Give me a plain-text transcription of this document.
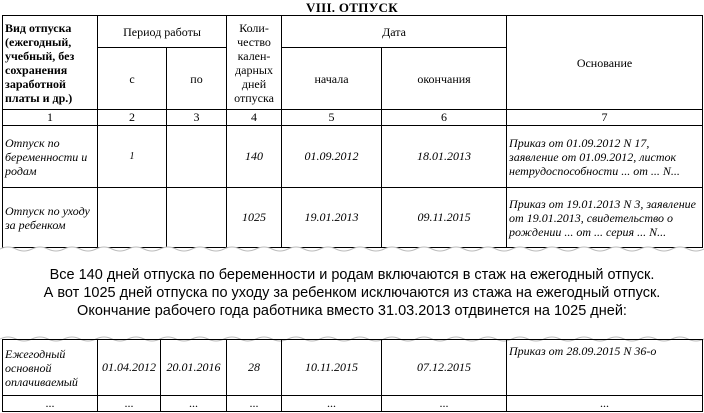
VIII. ОТПУСК
Вид отпуска (ежегодный, учебный, без сохранения заработной платы и др.)	Период работы		Коли-чество кален-дарных дней отпуска	Дата		Основание
	с	по		начала	окончания	
1	2	3	4	5	6	7
Отпуск по беременности и родам	1		140	01.09.2012	18.01.2013	Приказ от 01.09.2012 N 17, заявление от 01.09.2012, листок нетрудоспособности ... от ... N...
Отпуск по уходу за ребенком			1025	19.01.2013	09.11.2015	Приказ от 19.01.2013 N 3, заявление от 19.01.2013, свидетельство о рождении ... от ... серия ... N...
Все 140 дней отпуска по беременности и родам включаются в стаж на ежегодный отпуск.
А вот 1025 дней отпуска по уходу за ребенком исключаются из стажа на ежегодный отпуск.
Окончание рабочего года работника вместо 31.03.2013 отдвинется на 1025 дней:
Ежегодный основной оплачиваемый	01.04.2012	20.01.2016	28	10.11.2015	07.12.2015	Приказ от 28.09.2015 N 36-о
...	...	...	...	...	...	...
